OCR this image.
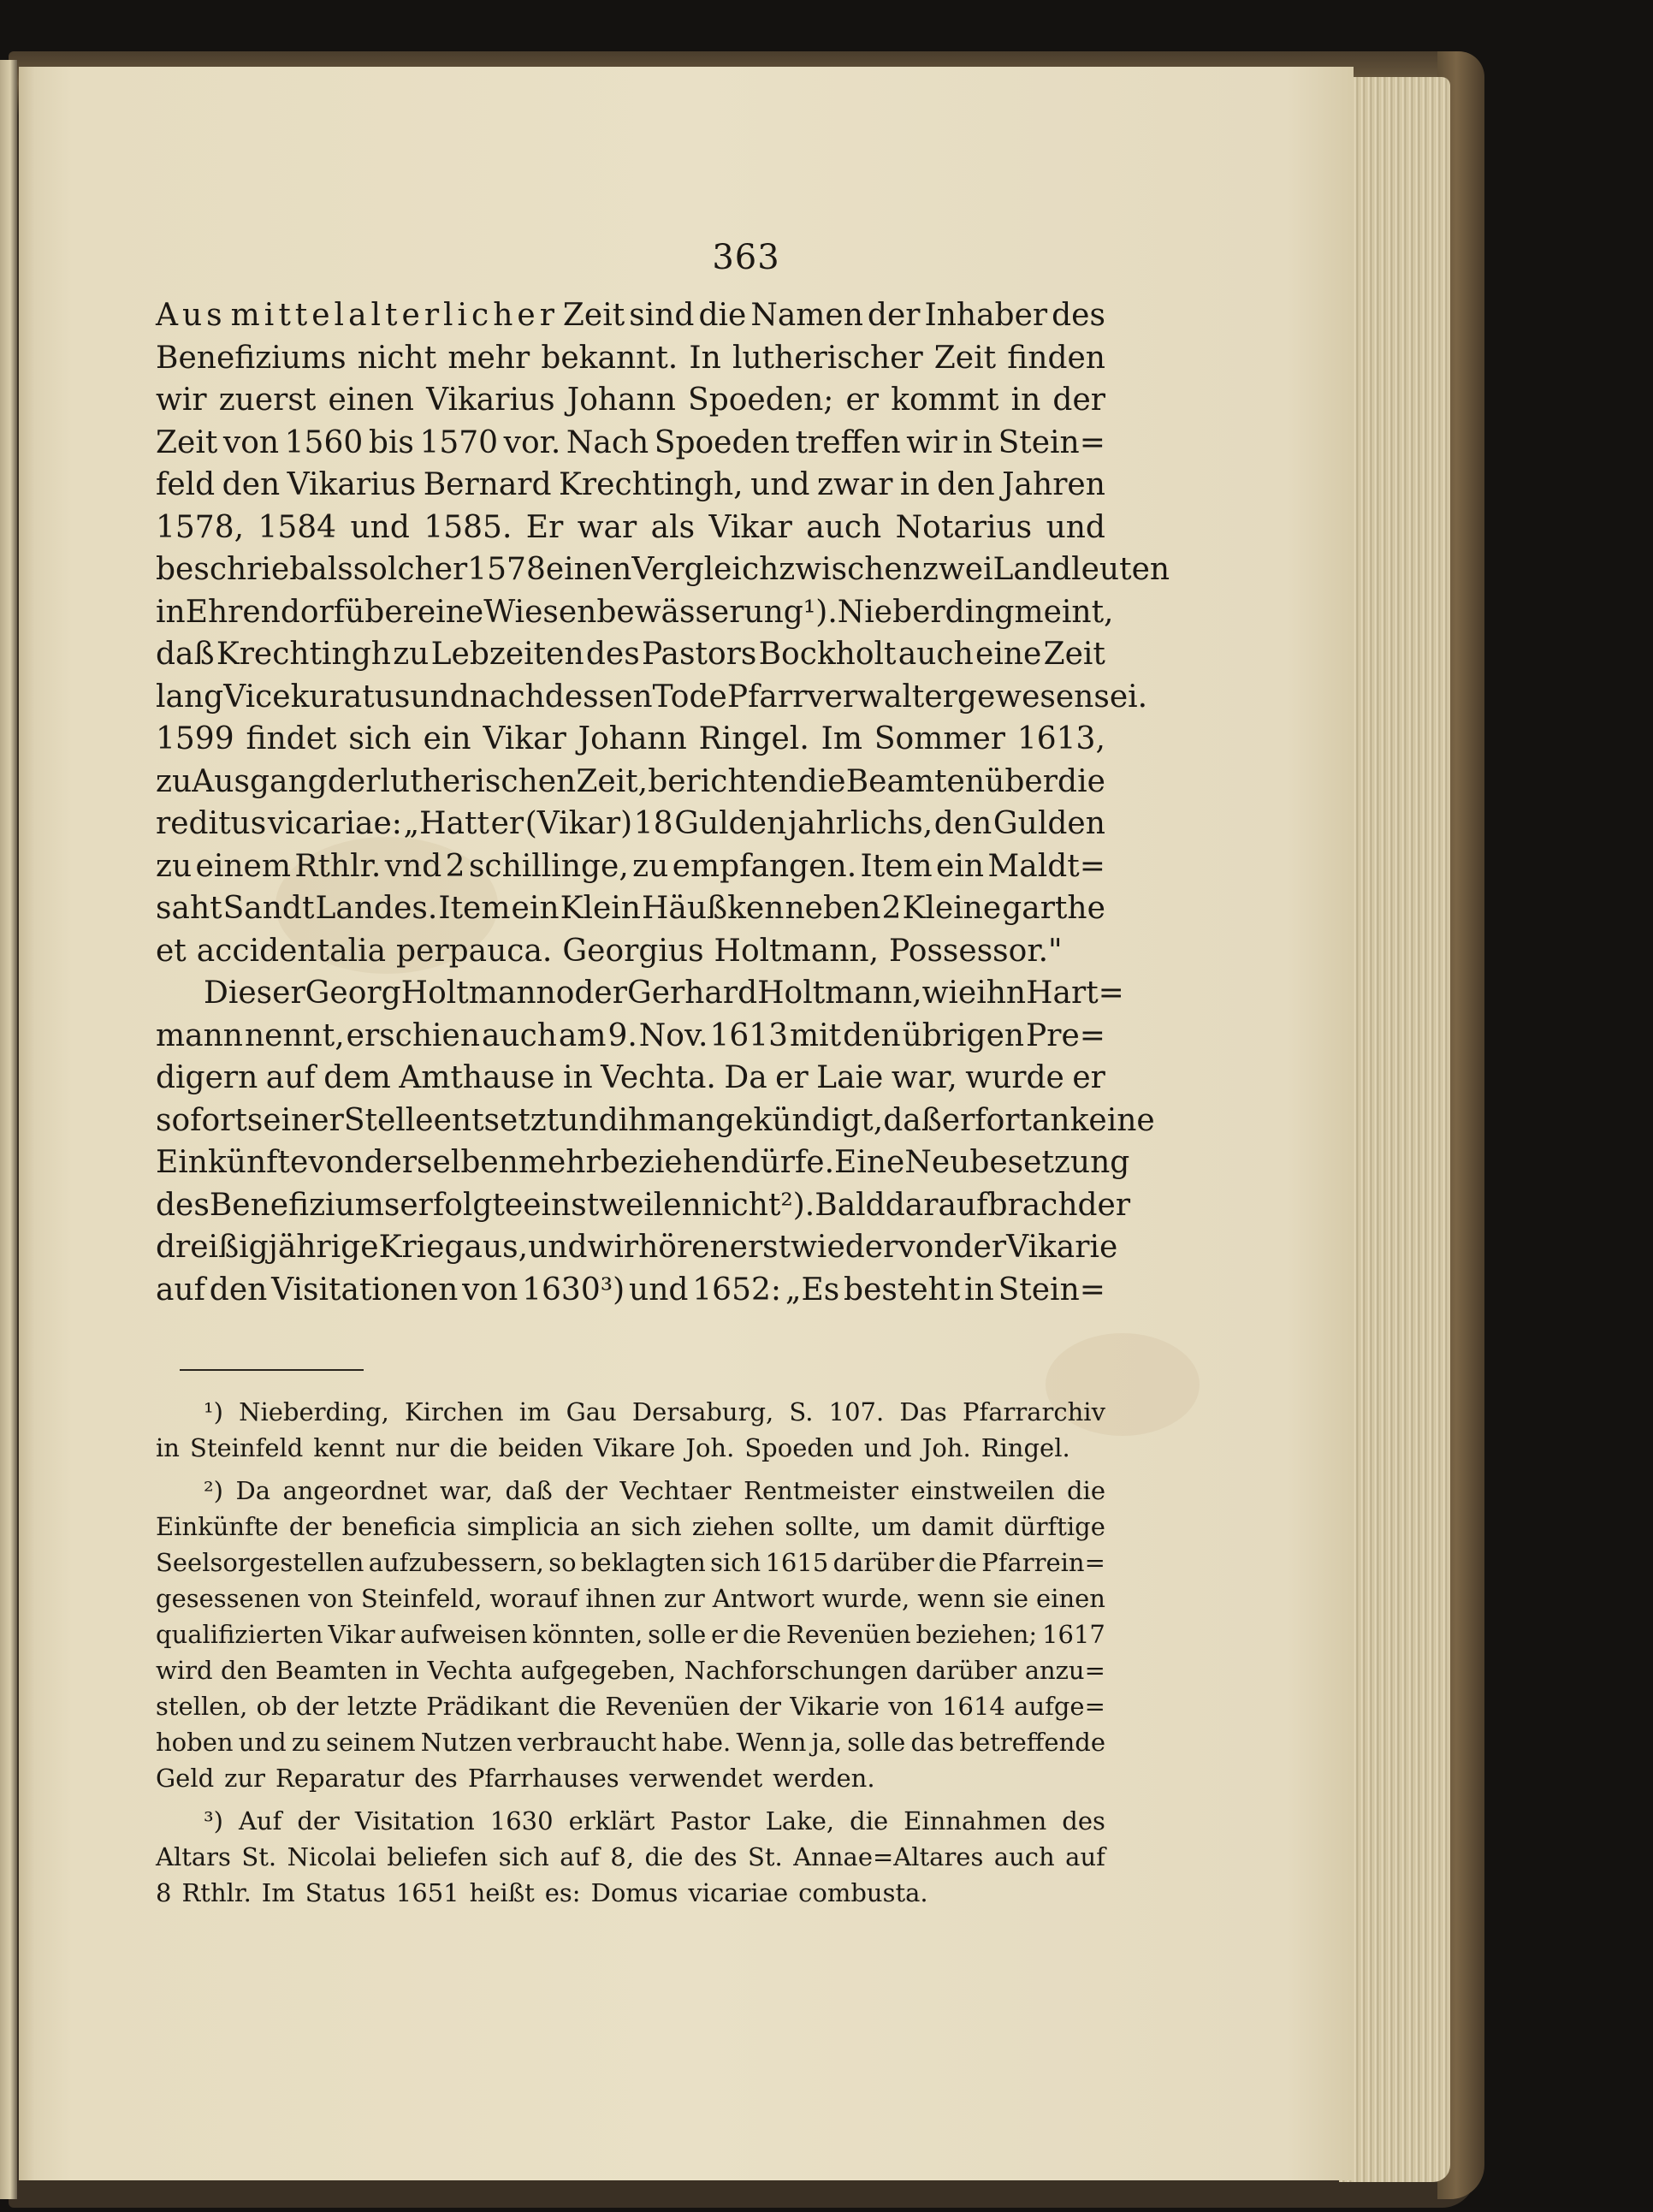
363
Aus mittelalterlicher Zeit sind die Namen der Inhaber des
Benefiziums nicht mehr bekannt. In lutherischer Zeit finden
wir zuerst einen Vikarius Johann Spoeden; er kommt in der
Zeit von 1560 bis 1570 vor. Nach Spoeden treffen wir in Stein=
feld den Vikarius Bernard Krechtingh, und zwar in den Jahren
1578, 1584 und 1585. Er war als Vikar auch Notarius und
beschrieb als solcher 1578 einen Vergleich zwischen zwei Landleuten
in Ehrendorf über eine Wiesenbewässerung¹). Nieberding meint,
daß Krechtingh zu Lebzeiten des Pastors Bockholt auch eine Zeit
lang Vicekuratus und nach dessen Tode Pfarrverwalter gewesen sei.
1599 findet sich ein Vikar Johann Ringel. Im Sommer 1613,
zu Ausgang der lutherischen Zeit, berichten die Beamten über die
reditus vicariae: „Hatt er (Vikar) 18 Gulden jahrlichs, den Gulden
zu einem Rthlr. vnd 2 schillinge, zu empfangen. Item ein Maldt=
saht Sandt Landes. Item ein Klein Häußken neben 2 Kleine garthe
et accidentalia perpauca. Georgius Holtmann, Possessor."
Dieser Georg Holtmann oder Gerhard Holtmann, wie ihn Hart=
mann nennt, erschien auch am 9. Nov. 1613 mit den übrigen Pre=
digern auf dem Amthause in Vechta. Da er Laie war, wurde er
sofort seiner Stelle entsetzt und ihm angekündigt, daß er fortan keine
Einkünfte von derselben mehr beziehen dürfe. Eine Neubesetzung
des Benefiziums erfolgte einstweilen nicht²). Bald darauf brach der
dreißigjährige Krieg aus, und wir hören erst wieder von der Vikarie
auf den Visitationen von 1630³) und 1652: „Es besteht in Stein=
¹) Nieberding, Kirchen im Gau Dersaburg, S. 107. Das Pfarrarchiv
in Steinfeld kennt nur die beiden Vikare Joh. Spoeden und Joh. Ringel.
²) Da angeordnet war, daß der Vechtaer Rentmeister einstweilen die
Einkünfte der beneficia simplicia an sich ziehen sollte, um damit dürftige
Seelsorgestellen aufzubessern, so beklagten sich 1615 darüber die Pfarrein=
gesessenen von Steinfeld, worauf ihnen zur Antwort wurde, wenn sie einen
qualifizierten Vikar aufweisen könnten, solle er die Revenüen beziehen; 1617
wird den Beamten in Vechta aufgegeben, Nachforschungen darüber anzu=
stellen, ob der letzte Prädikant die Revenüen der Vikarie von 1614 aufge=
hoben und zu seinem Nutzen verbraucht habe. Wenn ja, solle das betreffende
Geld zur Reparatur des Pfarrhauses verwendet werden.
³) Auf der Visitation 1630 erklärt Pastor Lake, die Einnahmen des
Altars St. Nicolai beliefen sich auf 8, die des St. Annae=Altares auch auf
8 Rthlr. Im Status 1651 heißt es: Domus vicariae combusta.
